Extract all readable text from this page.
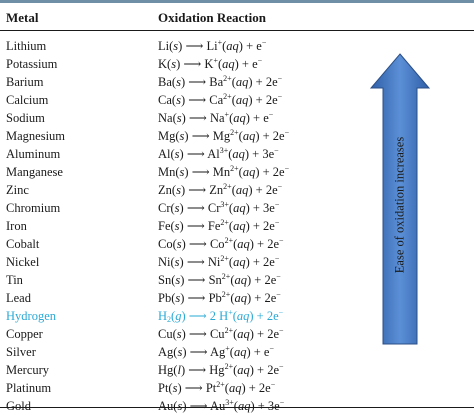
Metal	Oxidation Reaction
Lithium	Li(s) ⟶ Li+(aq) + e−
Potassium	K(s) ⟶ K+(aq) + e−
Barium	Ba(s) ⟶ $Ba^{2+}(aq) + 2e^-$
Calcium	Ca(s) ⟶ $Ca^{2+}(aq) + 2e^-$
Sodium	Na(s) ⟶ Na+(aq) + e−
Magnesium	Mg(s) ⟶ $Mg^{2+}(aq) + 2e^-$
Aluminum	Al(s) ⟶ $Al^{3+}(aq) + 3e^-$
Manganese	Mn(s) ⟶ $Mn^{2+}(aq) + 2e^-$
Zinc	Zn(s) ⟶ $Zn^{2+}(aq) + 2e^-$
Chromium	Cr(s) ⟶ $Cr^{3+}(aq) + 3e^-$
Iron	Fe(s) ⟶ $Fe^{2+}(aq) + 2e^-$
Cobalt	Co(s) ⟶ $Co^{2+}(aq) + 2e^-$
Nickel	Ni(s) ⟶ $Ni^{2+}(aq) + 2e^-$
Tin	Sn(s) ⟶ $Sn^{2+}(aq) + 2e^-$
Lead	Pb(s) ⟶ $Pb^{2+}(aq) + 2e^-$
Hydrogen	$H_2(g)$ ⟶ 2 H+(aq) + 2e−
Copper	Cu(s) ⟶ $Cu^{2+}(aq) + 2e^-$
Silver	Ag(s) ⟶ Ag+(aq) + e−
Mercury	Hg(l) ⟶ $Hg^{2+}(aq) + 2e^-$
Platinum	Pt(s) ⟶ $Pt^{2+}(aq) + 2e^-$
Gold	Au(s) ⟶ $Au^{3+}(aq) + 3e^-$
Ease of oxidation increases
